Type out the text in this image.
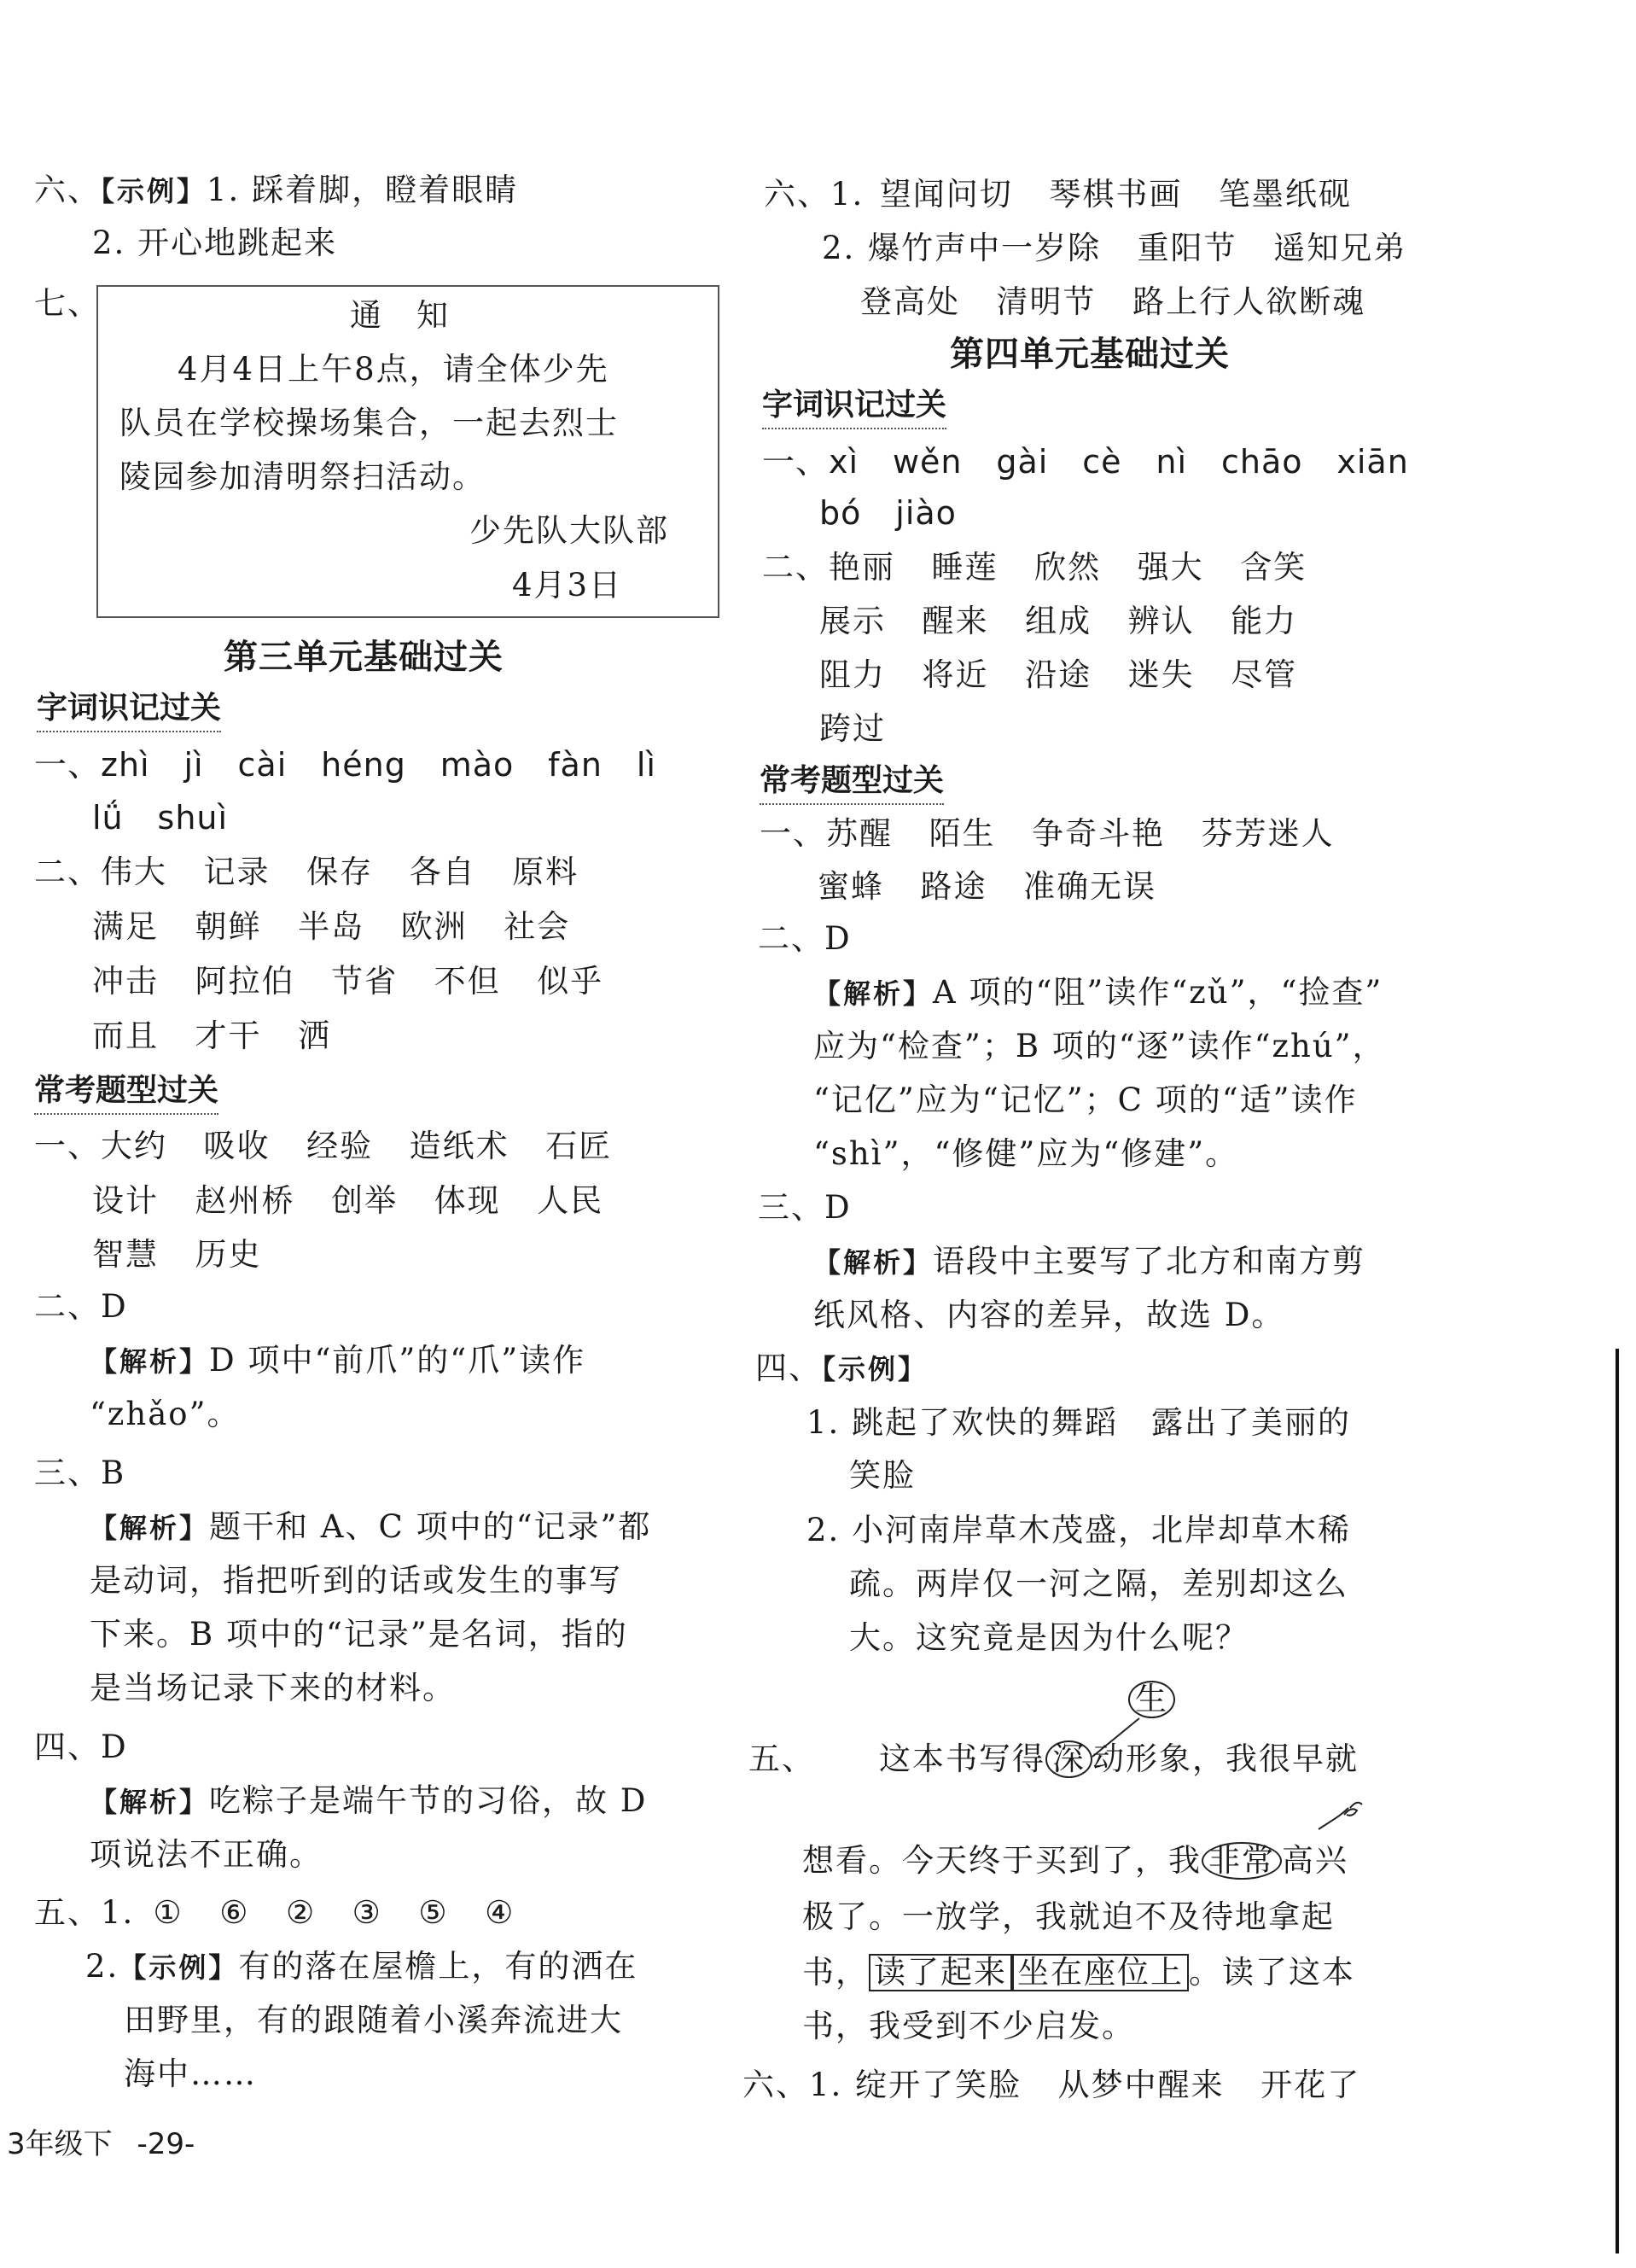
六、【示例】1. 踩着脚，瞪着眼睛
2. 开心地跳起来
七、	通　知
4月4日上午8点，请全体少先
队员在学校操场集合，一起去烈士
陵园参加清明祭扫活动。
少先队大队部
4月3日
第三单元基础过关
字词识记过关
一、zhì jì cài héng mào fàn lì
lǘ shuì
二、伟大 记录 保存 各自 原料
满足 朝鲜 半岛 欧洲 社会
冲击 阿拉伯 节省 不但 似乎
而且 才干 洒
常考题型过关
一、大约 吸收 经验 造纸术 石匠
设计 赵州桥 创举 体现 人民
智慧 历史
二、D
【解析】D 项中“前爪”的“爪”读作
“zhǎo”。
三、B
【解析】题干和 A、C 项中的“记录”都
是动词，指把听到的话或发生的事写
下来。B 项中的“记录”是名词，指的
是当场记录下来的材料。
四、D
【解析】吃粽子是端午节的习俗，故 D
项说法不正确。
五、1. ① ⑥ ② ③ ⑤ ④
2.【示例】有的落在屋檐上，有的洒在
田野里，有的跟随着小溪奔流进大
海中……
3年级下 -29-
六、1. 望闻问切 琴棋书画 笔墨纸砚
2. 爆竹声中一岁除 重阳节 遥知兄弟
登高处 清明节 路上行人欲断魂
第四单元基础过关
字词识记过关
一、xì wěn gài cè nì chāo xiān
bó jiào
二、艳丽 睡莲 欣然 强大 含笑
展示 醒来 组成 辨认 能力
阻力 将近 沿途 迷失 尽管
跨过
常考题型过关
一、苏醒 陌生 争奇斗艳 芬芳迷人
蜜蜂 路途 准确无误
二、D
【解析】A 项的“阻”读作“zǔ”，“捡查”
应为“检查”；B 项的“逐”读作“zhú”，
“记亿”应为“记忆”；C 项的“适”读作
“shì”，“修健”应为“修建”。
三、D
【解析】语段中主要写了北方和南方剪
纸风格、内容的差异，故选 D。
四、【示例】
1. 跳起了欢快的舞蹈　露出了美丽的
笑脸
2. 小河南岸草木茂盛，北岸却草木稀
疏。两岸仅一河之隔，差别却这么
大。这究竟是因为什么呢？
生
五、 这本书写得 深 动形象，我很早就
想看。今天终于买到了，我 非常 高兴
极了。一放学，我就迫不及待地拿起
书， 读了起来 坐在座位上 。读了这本
书，我受到不少启发。
六、1. 绽开了笑脸 从梦中醒来 开花了
